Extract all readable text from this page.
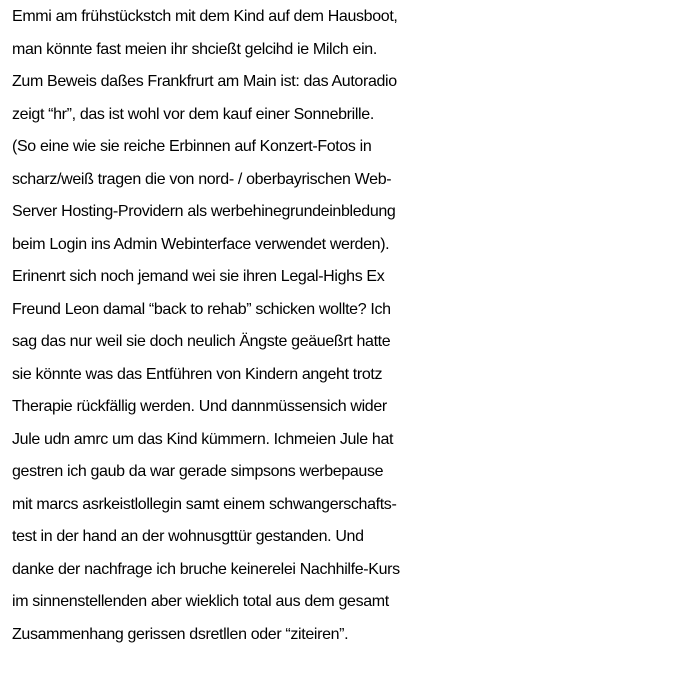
Emmi am frühstückstch mit dem Kind auf dem Hausboot,
man könnte fast meien ihr shcießt gelcihd ie Milch ein.
Zum Beweis daßes Frankfrurt am Main ist: das Autoradio
zeigt “hr”, das ist wohl vor dem kauf einer Sonnebrille.
(So eine wie sie reiche Erbinnen auf Konzert-Fotos in
scharz/weiß tragen die von nord- / oberbayrischen Web-
Server Hosting-Providern als werbehinegrundeinbledung
beim Login ins Admin Webinterface verwendet werden).
Erinenrt sich noch jemand wei sie ihren Legal-Highs Ex
Freund Leon damal “back to rehab” schicken wollte? Ich
sag das nur weil sie doch neulich Ängste geäueßrt hatte
sie könnte was das Entführen von Kindern angeht trotz
Therapie rückfällig werden. Und dannmüssensich wider
Jule udn amrc um das Kind kümmern. Ichmeien Jule hat
gestren ich gaub da war gerade simpsons werbepause
mit marcs asrkeistlollegin samt einem schwangerschafts-
test in der hand an der wohnusgttür gestanden. Und
danke der nachfrage ich bruche keinerelei Nachhilfe-Kurs
im sinnenstellenden aber wieklich total aus dem gesamt
Zusammenhang gerissen dsretllen oder “ziteiren”.
